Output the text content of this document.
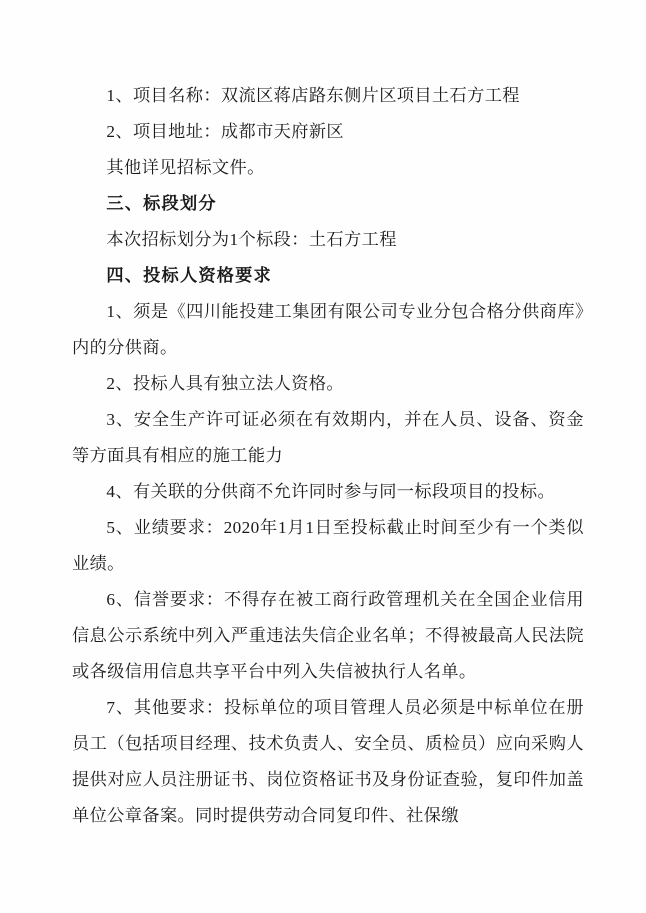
1、项目名称：双流区蒋店路东侧片区项目土石方工程

2、项目地址：成都市天府新区

其他详见招标文件。

三、标段划分

本次招标划分为1个标段：土石方工程

四、投标人资格要求

1、须是《四川能投建工集团有限公司专业分包合格分供商库》内的分供商。

2、投标人具有独立法人资格。

3、安全生产许可证必须在有效期内，并在人员、设备、资金等方面具有相应的施工能力

4、有关联的分供商不允许同时参与同一标段项目的投标。

5、业绩要求：2020年1月1日至投标截止时间至少有一个类似业绩。

6、信誉要求：不得存在被工商行政管理机关在全国企业信用信息公示系统中列入严重违法失信企业名单；不得被最高人民法院或各级信用信息共享平台中列入失信被执行人名单。

7、其他要求：投标单位的项目管理人员必须是中标单位在册员工（包括项目经理、技术负责人、安全员、质检员）应向采购人提供对应人员注册证书、岗位资格证书及身份证查验，复印件加盖单位公章备案。同时提供劳动合同复印件、社保缴
